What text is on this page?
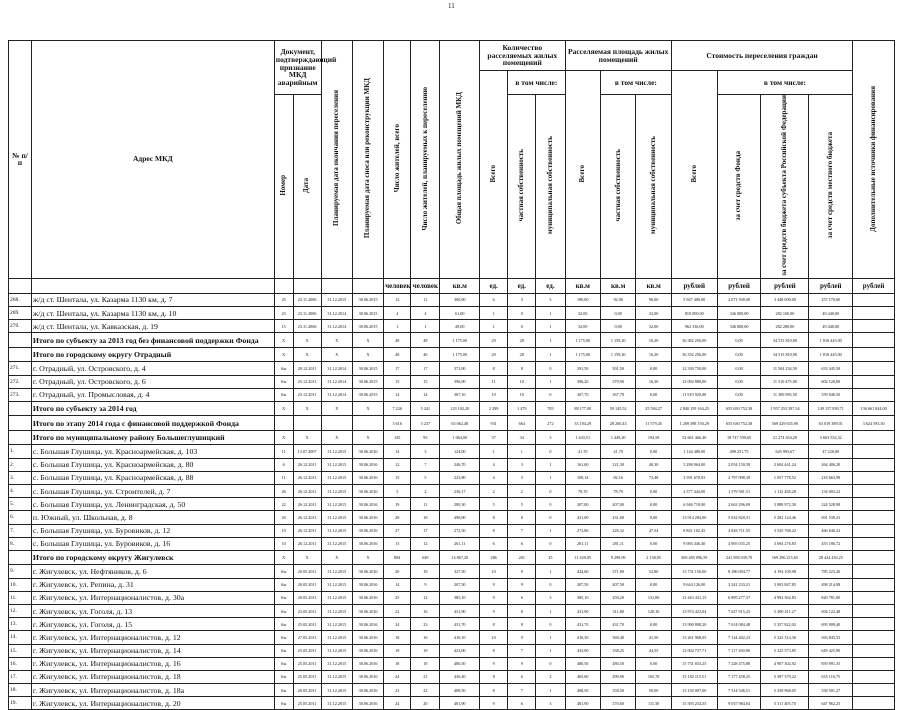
11
№ п/п	Адрес МКД	Документ, подтверждающий признание МКД аварийным		Планируемая дата окончания переселения	Планируемая дата сноса или реконструкции МКД	Число жителей, всего	Число жителей, планируемых к переселению	Общая площадь жилых помещений МКД	Количество расселяемых жилых помещений			Расселяемая площадь жилых помещений			Стоимость переселения граждан				Дополнительные источники финансирования
									Всего	в том числе:		Всего	в том числе:		Всего	в том числе:			
		Номер	Дата							частная собственность	муниципальная собственность		частная собственность	муниципальная собственность		за счет средств Фонда	за счет средств бюджета субъекта Российской Федерации	за счет средств местного бюджета	
						человек	человек	кв.м	ед.	ед.	ед.	кв.м	кв.м	кв.м	рублей	рублей	рублей	рублей	рублей
268.	ж/д ст. Шентала, ул. Казарма 1130 км, д. 7	25	23.11.2006	31.12.2015	30.06.2015	12	11	300,00	6	3	3	180,00	92,00	90,00	5 947 400,00	2 071 500,00	3 448 000,00	257 170,00	
269.	ж/д ст. Шентала, ул. Казарма 1130 км, д. 10	23	23.11.2006	31.12.2014	30.06.2015	4	4	61,00	1	0	1	32,00	0,00	32,00	810 000,00	346 000,00	282 160,00	49 440,00	
270.	ж/д ст. Шентала, ул. Кавказская, д. 19	15	23.11.2006	31.12.2014	30.06.2015	1	1	49,00	1	0	1	32,00	0,00	32,00	962 336,00	346 000,00	282 280,00	49 440,00	
	Итого по субъекту за 2013 год без финансовой поддержки Фонда	X	X	X	X	48	48	1 175,00	29	28	1	1 175,00	1 159,20	16,20	36 382 256,00	0,00	34 515 810,00	1 816 445,00	
	Итого по городскому округу Отрадный	X	X	X	X	48	46	1 175,00	29	28	1	1 175,00	1 159,20	16,20	36 332 256,00	0,00	34 515 810,00	1 816 445,00	
271.	г. Отрадный, ул. Островского, д. 4	6/н	20.12.2011	31.12.2014	30.06.2015	17	17	371,00	8	8	0	391,50	391,50	0,00	12 339 750,00	0,00	11 504 234,59	633 445,50	
272.	г. Отрадный, ул. Островского, д. 6	6/н	25.12.2011	31.12.2014	30.06.2015	15	15	396,00	11	10	1	396,20	379,90	16,30	12 092 880,00	0,00	11 510 475,00	602 120,00	
273.	г. Отрадный, ул. Промысловая, д. 4	6/н	23.12.2011	31.12.2014	30.06.2015	14	14	367,10	10	10	0	367,70	367,70	0,00	11 919 920,00	0,00	11 300 983,50	559 946,50	
	Итого по субъекту за 2014 год	X	X	X	X	7 226	5 241	123 102,20	2 299	1 479	783	88 177,00	59 145,52	25 594,27	2 840 159 164,25	655 650 752,38	1 957 253 397,34	149 157 839,71	136 661 844,00
	Итого по этапу 2014 года с финансовой поддержкой Фонда					3 616	3 237	65 062,48	931	664	272	33 194,29	28 200,43	11 579,45	1 269 398 150,29	655 630 752,38	569 429 635,90	63 019 389,01	3 624 593,30
	Итого по муниципальному району Большеглушицкий	X	X	X	X	145	95	1 064,00	37	34	3	1 443,51	1 449,20	194,58	52 661 466,40	18 747 559,65	21 274 454,29	3 663 552,32	
1.	с. Большая Глушица, ул. Красноармейская, д. 103	11	13.07.2007	31.12.2015	30.06.2016	14	3	124,00	1	1	0	41,70	41,70	0,00	1 144 480,00	498 251,75	645 993,67	47 220,00	
2.	с. Большая Глушица, ул. Красноармейская, д. 80	6	26.12.2011	31.12.2015	30.06.2016	12	7	246,70	4	3	1	161,60	121,30	40,30	5 286 964,00	2 054 150,39	2 604 441,24	264 406,20	
3.	с. Большая Глушица, ул. Красноармейская, д. 88	11	26.12.2011	31.12.2015	30.06.2016	15	5	223,80	4	3	1	109,14	82,16	73,48	3 591 670,93	2 797 098,39	1 057 778,52	218 663,98	
4.	с. Большая Глушица, ул. Строителей, д. 7	26	26.12.2011	31.12.2015	30.06.2016	5	2	236,17	2	2	0	78,70	78,70	0,00	2 577 444,00	1 379 581,51	1 112 458,28	134 003,22	
5.	с. Большая Глушица, ул. Ленинградская, д. 50	22	26.12.2011	31.12.2015	30.06.2016	19	11	289,30	5	5	0	207,00	207,00	0,00	6 946 710,00	2 663 296,09	3 888 972,30	324 528,98	
6.	п. Южный, ул. Школьная, д. 8	20	26.12.2011	31.12.2015	30.06.2016	28	18	490,00	8	8	0	431,00	431,00	0,00	13 914 284,00	5 632 820,31	5 282 124,46	691 539,23	
7.	с. Большая Глушица, ул. Буровиков, д. 12	10	26.12.2011	31.12.2015	30.06.2016	27	17	272,50	8	7	1	273,86	226,32	47,54	8 841 102,45	4 826 711,55	3 545 768,22	466 646,22	
8.	с. Большая Глушица, ул. Буровиков, д. 16	10	26.12.2011	31.12.2015	30.06.2016	13	12	261,11	6	6	0	281,11	281,11	0,00	9 083 446,40	4 905 035,25	3 694 276,83	455 186,72	
	Итого по городскому округу Жигулевск	X	X	X	X	884	649	14 867,20	286	201	45	11 429,05	9 290,09	2 138,95	369 485 096,59	241 858 039,70	169 296 215,65	28 424 430,25	
9.	г. Жигулевск, ул. Нефтяников, д. 6	6/н	20.05.2011	31.12.2015	30.06.2016	20	19	327,50	10	9	1	424,60	371,80	52,80	13 731 156,00	8 186 094,77	4 194 109,98	785 223,26	
10.	г. Жигулевск, ул. Репина, д. 31	6/н	20.05.2011	31.12.2015	30.06.2016	14	9	207,50	9	9	0	207,50	207,50	0,00	9 644 126,00	3 241 233,21	3 903 847,85	498 214,98	
11.	г. Жигулевск, ул. Интернационалистов, д. 30а	6/н	20.05.2011	31.12.2015	30.06.2016	25	12	385,10	9	6	3	385,10	250,20	131,00	12 443 431,15	6 895 277,37	4 992 362,83	820 781,00	
12.	г. Жигулевск, ул. Гоголя, д. 13	6/н	23.05.2011	31.12.2015	30.06.2016	22	16	431,90	9	8	1	431,90	311,80	120,10	13 974 423,04	7 627 915,23	5 490 411,27	694 122,48	
13.	г. Жигулевск, ул. Гоголя, д. 15	6/н	25.05.2011	31.12.2015	30.06.2016	24	23	431,70	8	8	0	431,70	431,70	0,00	13 990 808,20	7 614 084,48	5 357 822,02	695 909,40	
14.	г. Жигулевск, ул. Интернационалистов, д. 12	6/н	27.05.2011	31.12.2015	30.06.2016	18	16	410,10	10	9	1	410,30	369,40	41,50	13 261 968,05	7 124 402,23	5 323 314,36	563 845,55	
15.	г. Жигулевск, ул. Интернационалистов, д. 14	6/н	25.05.2011	31.12.2015	30.06.2016	19	19	423,00	8	7	1	433,00	338,25	44,55	12 002 737,71	7 117 430,96	5 225 573,85	649 425,90	
16.	г. Жигулевск, ул. Интернационалистов, д. 16	6/н	25.05.2011	31.12.2015	30.06.2016	18	18	480,50	9	9	0	480,50	480,50	0,00	15 731 833,25	7 228 475,88	4 907 302,92	859 991,35	
17.	г. Жигулевск, ул. Интернационалистов, д. 18	6/н	25.05.2011	31.12.2015	30.06.2016	24	21	436,40	8	6	2	465,60	299,90	165,70	13 182 115,51	7 177 458,25	5 387 379,22	635 116,75	
18.	г. Жигулевск, ул. Интернационалистов, д. 18а	6/н	20.05.2011	31.12.2015	30.06.2016	23	22	408,50	8	7	1	408,50	358,50	50,00	13 130 007,00	7 314 546,51	5 258 968,05	558 501,27	
19.	г. Жигулевск, ул. Интернационалистов, д. 20	6/н	25.05.2011	31.12.2015	30.06.2016	24	20	481,90	9	6	3	481,90	370,60	111,30	15 593 254,55	9 037 984,04	5 311 405,70	647 862,25	
